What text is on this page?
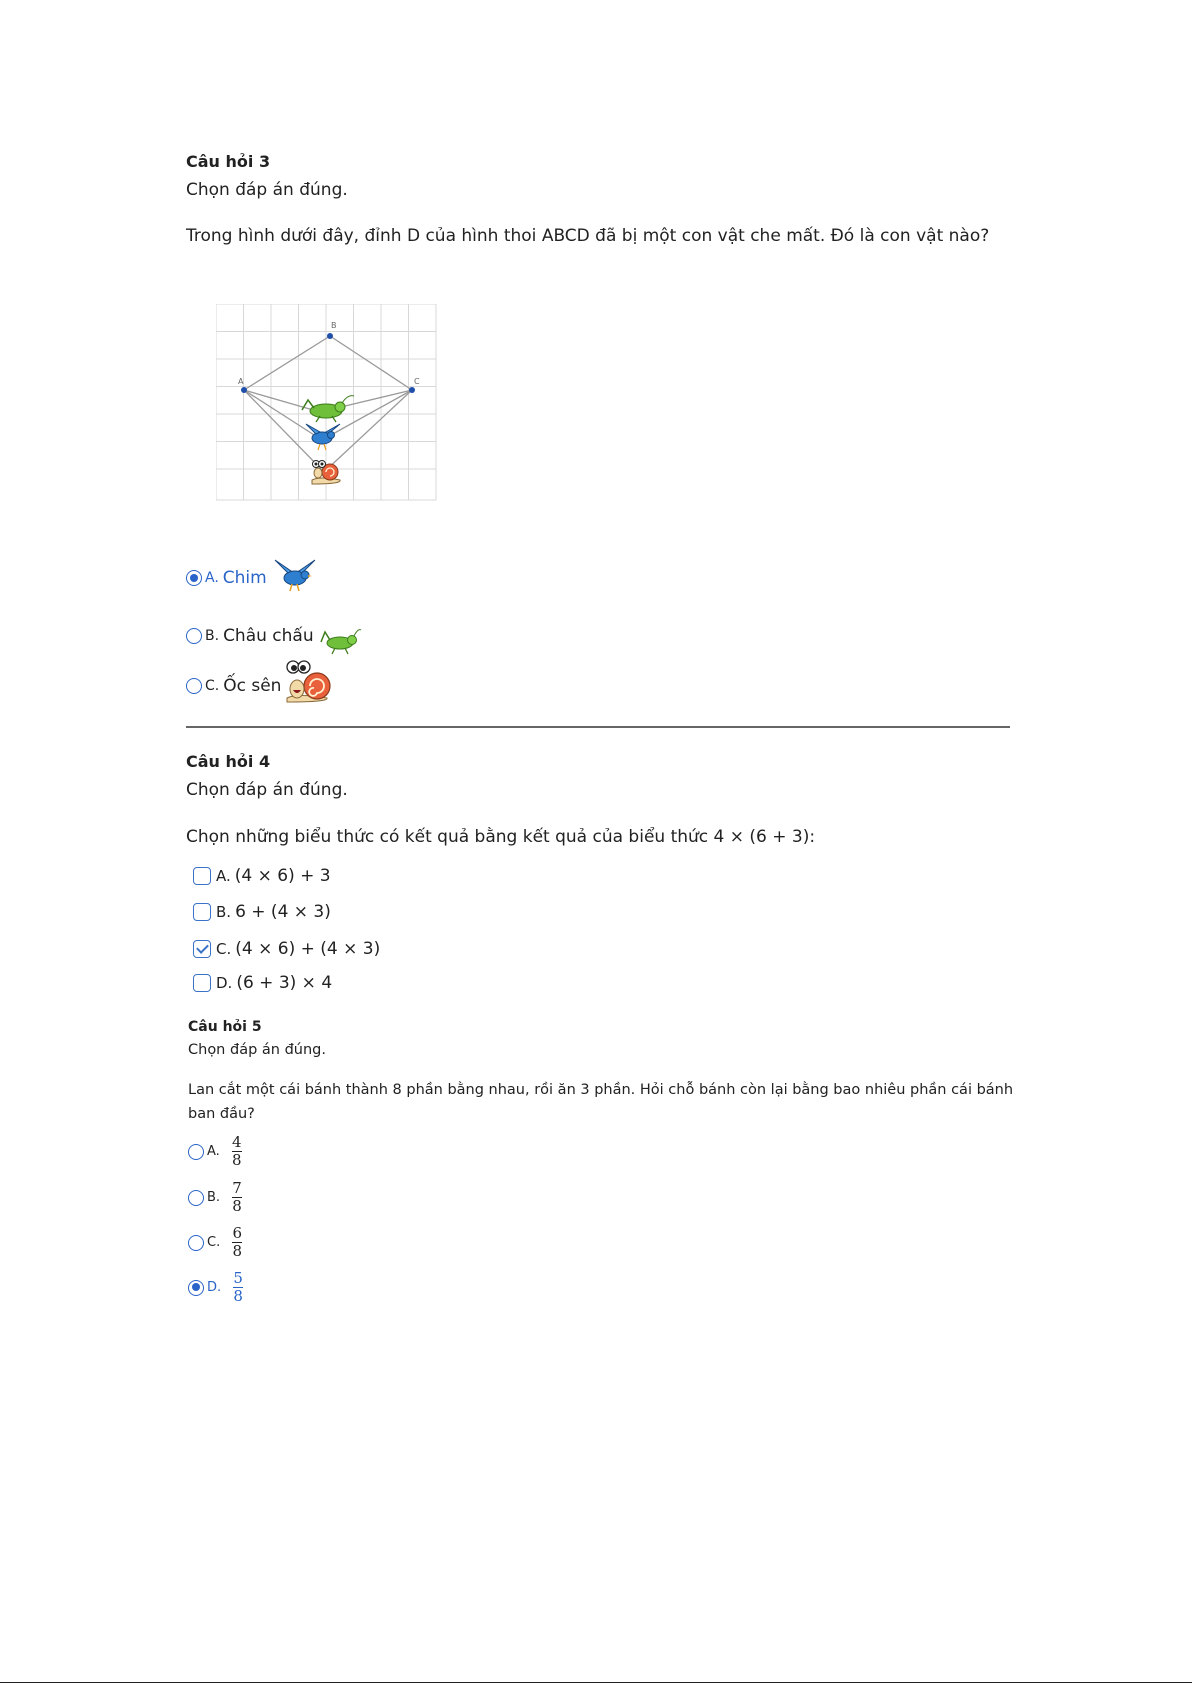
Câu hỏi 3
Chọn đáp án đúng.
Trong hình dưới đây, đỉnh D của hình thoi ABCD đã bị một con vật che mất. Đó là con vật nào?
A
B
C
A. Chim
B. Châu chấu
C. Ốc sên
Câu hỏi 4
Chọn đáp án đúng.
Chọn những biểu thức có kết quả bằng kết quả của biểu thức 4 × (6 + 3):
A. (4 × 6) + 3
B. 6 + (4 × 3)
C. (4 × 6) + (4 × 3)
D. (6 + 3) × 4
Câu hỏi 5
Chọn đáp án đúng.
Lan cắt một cái bánh thành 8 phần bằng nhau, rồi ăn 3 phần. Hỏi chỗ bánh còn lại bằng bao nhiêu phần cái bánh
ban đầu?
A. $\frac{4}{8}$
B. $\frac{7}{8}$
C. $\frac{6}{8}$
D. $\frac{5}{8}$
